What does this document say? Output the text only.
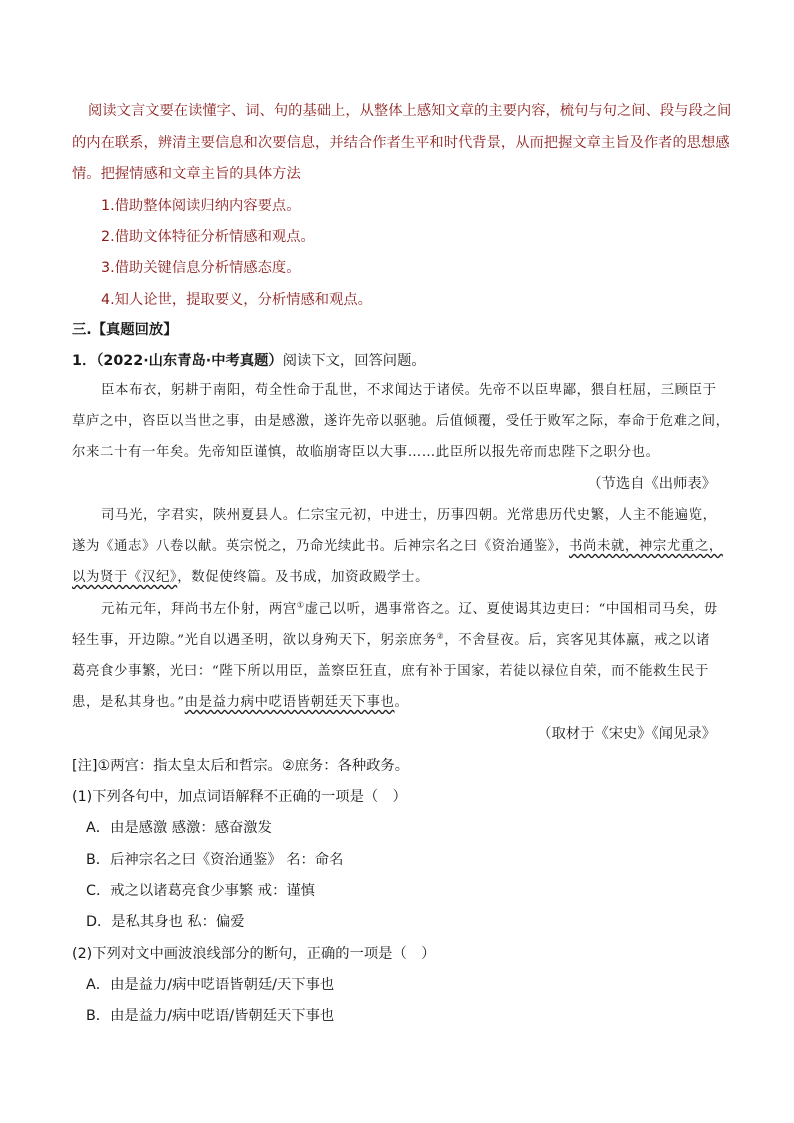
阅读文言文要在读懂字、词、句的基础上，从整体上感知文章的主要内容，梳句与句之间、段与段之间
的内在联系，辨清主要信息和次要信息，并结合作者生平和时代背景，从而把握文章主旨及作者的思想感
情。把握情感和文章主旨的具体方法
1.借助整体阅读归纳内容要点。
2.借助文体特征分析情感和观点。
3.借助关键信息分析情感态度。
4.知人论世，提取要义，分析情感和观点。
三.【真题回放】
1．（2022·山东青岛·中考真题）阅读下文，回答问题。
臣本布衣，躬耕于南阳，苟全性命于乱世，不求闻达于诸侯。先帝不以臣卑鄙，猥自枉屈，三顾臣于
草庐之中，咨臣以当世之事，由是感激，遂许先帝以驱驰。后值倾覆，受任于败军之际，奉命于危难之间，
尔来二十有一年矣。先帝知臣谨慎，故临崩寄臣以大事……此臣所以报先帝而忠陛下之职分也。
（节选自《出师表》
司马光，字君实，陕州夏县人。仁宗宝元初，中进士，历事四朝。光常患历代史繁，人主不能遍览，
遂为《通志》八卷以献。英宗悦之，乃命光续此书。后神宗名之曰《资治通鉴》，书尚未就，神宗尤重之，
以为贤于《汉纪》，数促使终篇。及书成，加资政殿学士。
元祐元年，拜尚书左仆射，两宫①虚己以听，遇事常咨之。辽、夏使谒其边吏曰：“中国相司马矣，毋
轻生事，开边隙。”光自以遇圣明，欲以身殉天下，躬亲庶务②，不舍昼夜。后，宾客见其体羸，戒之以诸
葛亮食少事繁，光曰：“陛下所以用臣，盖察臣狂直，庶有补于国家，若徒以禄位自荣，而不能救生民于
患，是私其身也。”由是益力病中呓语皆朝廷天下事也。
（取材于《宋史》《闻见录》
[注]①两宫：指太皇太后和哲宗。②庶务：各种政务。
(1)下列各句中，加点词语解释不正确的一项是（　）
A．由是感激 感激：感奋激发
B．后神宗名之曰《资治通鉴》 名：命名
C．戒之以诸葛亮食少事繁 戒：谨慎
D．是私其身也 私：偏爱
(2)下列对文中画波浪线部分的断句，正确的一项是（　）
A．由是益力/病中呓语皆朝廷/天下事也
B．由是益力/病中呓语/皆朝廷天下事也
